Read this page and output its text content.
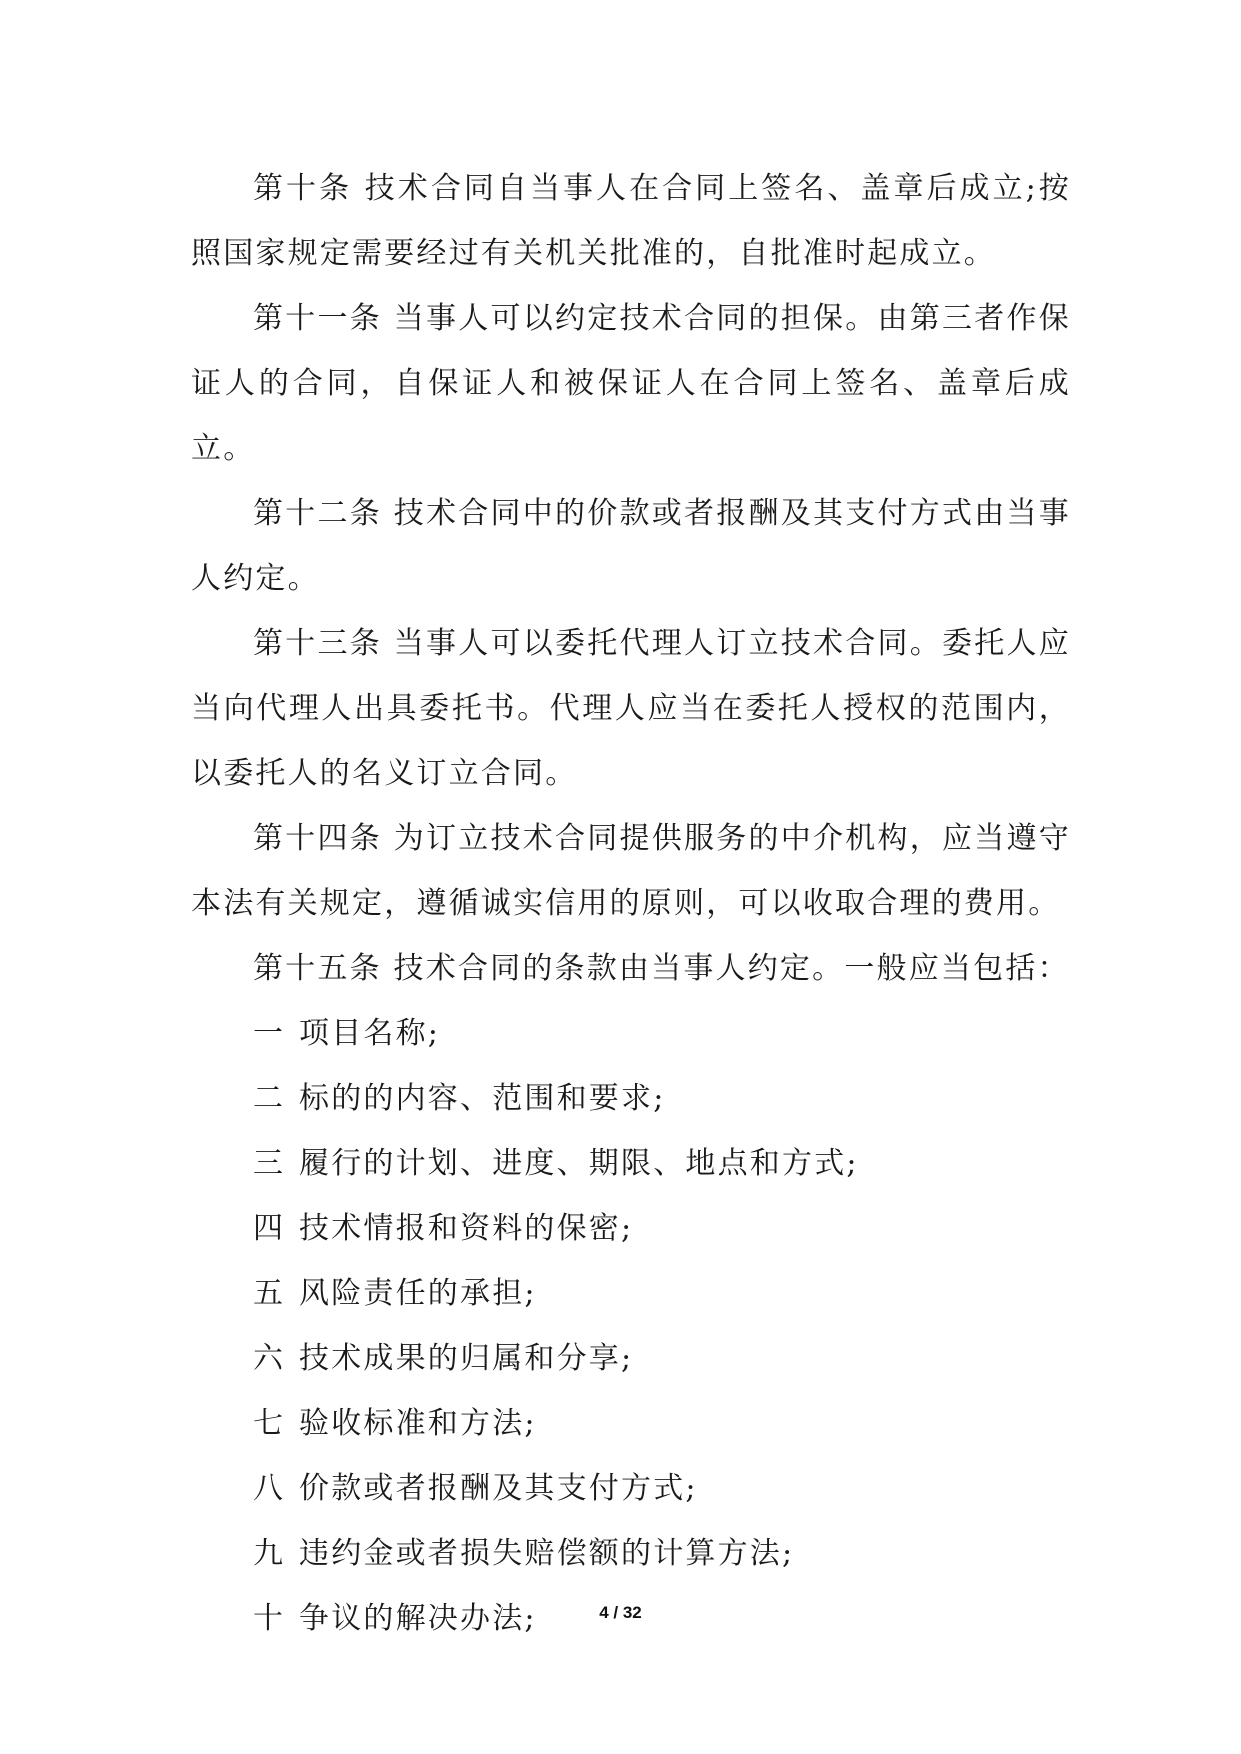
第十条 技术合同自当事人在合同上签名、盖章后成立;按照国家规定需要经过有关机关批准的，自批准时起成立。

第十一条 当事人可以约定技术合同的担保。由第三者作保证人的合同，自保证人和被保证人在合同上签名、盖章后成立。

第十二条 技术合同中的价款或者报酬及其支付方式由当事人约定。

第十三条 当事人可以委托代理人订立技术合同。委托人应当向代理人出具委托书。代理人应当在委托人授权的范围内，以委托人的名义订立合同。

第十四条 为订立技术合同提供服务的中介机构，应当遵守本法有关规定，遵循诚实信用的原则，可以收取合理的费用。

第十五条 技术合同的条款由当事人约定。一般应当包括：

一 项目名称;

二 标的的内容、范围和要求;

三 履行的计划、进度、期限、地点和方式;

四 技术情报和资料的保密;

五 风险责任的承担;

六 技术成果的归属和分享;

七 验收标准和方法;

八 价款或者报酬及其支付方式;

九 违约金或者损失赔偿额的计算方法;

十 争议的解决办法;	4 / 32
